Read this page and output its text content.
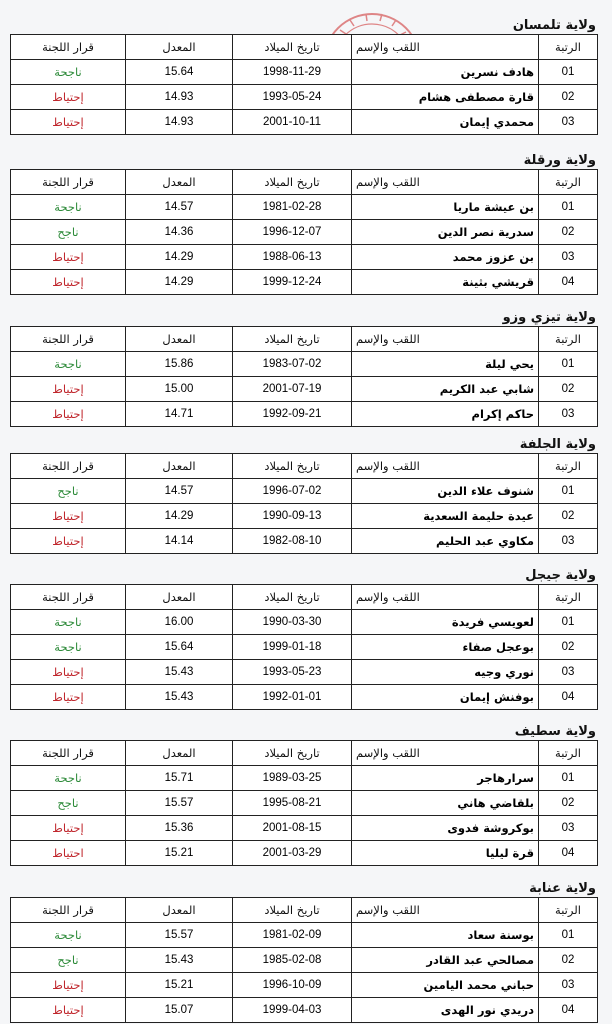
ولاية تلمسان
الرتبة	اللقب والإسم	تاريخ الميلاد	المعدل	قرار اللجنة
01	هادف نسرين	1998-11-29	15.64	ناجحة
02	قارة مصطفى هشام	1993-05-24	14.93	إحتياط
03	محمدي إيمان	2001-10-11	14.93	إحتياط
ولاية ورقلة
الرتبة	اللقب والإسم	تاريخ الميلاد	المعدل	قرار اللجنة
01	بن عيشة ماريا	1981-02-28	14.57	ناجحة
02	سدرية نصر الدين	1996-12-07	14.36	ناجح
03	بن عزوز محمد	1988-06-13	14.29	إحتياط
04	قريشي بثينة	1999-12-24	14.29	إحتياط
ولاية تيزي وزو
الرتبة	اللقب والإسم	تاريخ الميلاد	المعدل	قرار اللجنة
01	يحي ليلة	1983-07-02	15.86	ناجحة
02	شابي عبد الكريم	2001-07-19	15.00	إحتياط
03	حاكم إكرام	1992-09-21	14.71	إحتياط
ولاية الجلفة
الرتبة	اللقب والإسم	تاريخ الميلاد	المعدل	قرار اللجنة
01	شنوف علاء الدين	1996-07-02	14.57	ناجح
02	عيدة حليمة السعدية	1990-09-13	14.29	إحتياط
03	مكاوي عبد الحليم	1982-08-10	14.14	إحتياط
ولاية جيجل
الرتبة	اللقب والإسم	تاريخ الميلاد	المعدل	قرار اللجنة
01	لعويسي فريدة	1990-03-30	16.00	ناجحة
02	بوعجل صفاء	1999-01-18	15.64	ناجحة
03	نوري وجيه	1993-05-23	15.43	إحتياط
04	بوفنش إيمان	1992-01-01	15.43	إحتياط
ولاية سطيف
الرتبة	اللقب والإسم	تاريخ الميلاد	المعدل	قرار اللجنة
01	سرارهاجر	1989-03-25	15.71	ناجحة
02	بلقاضي هاني	1995-08-21	15.57	ناجح
03	بوكروشة فدوى	2001-08-15	15.36	إحتياط
04	قرة ليليا	2001-03-29	15.21	احتياط
ولاية عنابة
الرتبة	اللقب والإسم	تاريخ الميلاد	المعدل	قرار اللجنة
01	بوسنة سعاد	1981-02-09	15.57	ناجحة
02	مصالحي عبد القادر	1985-02-08	15.43	ناجح
03	حباني محمد اليامين	1996-10-09	15.21	إحتياط
04	دريدي نور الهدى	1999-04-03	15.07	إحتياط
